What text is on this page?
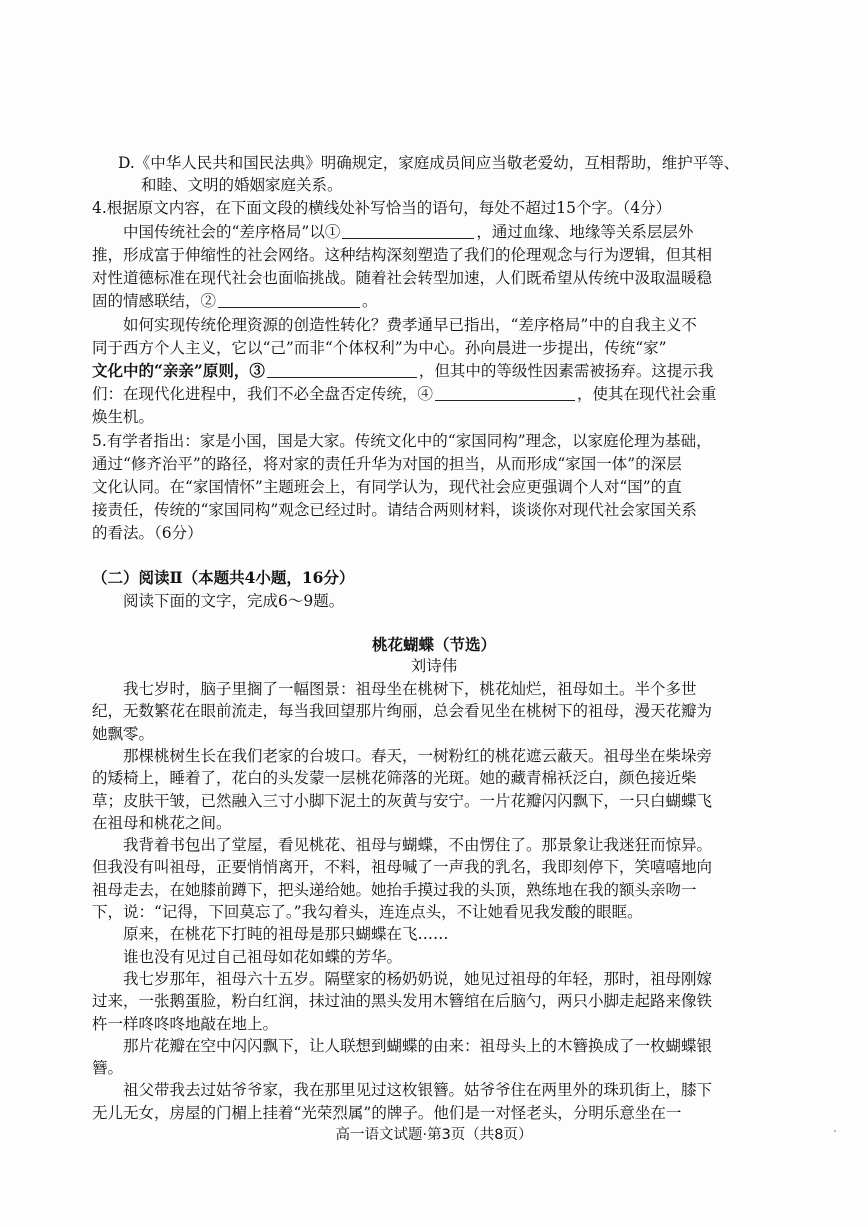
D.《中华人民共和国民法典》明确规定，家庭成员间应当敬老爱幼，互相帮助，维护平等、
和睦、文明的婚姻家庭关系。
4.根据原文内容，在下面文段的横线处补写恰当的语句，每处不超过15个字。（4分）
中国传统社会的“差序格局”以①	，通过血缘、地缘等关系层层外
推，形成富于伸缩性的社会网络。这种结构深刻塑造了我们的伦理观念与行为逻辑，但其相
对性道德标准在现代社会也面临挑战。随着社会转型加速，人们既希望从传统中汲取温暖稳
固的情感联结，②	。
如何实现传统伦理资源的创造性转化？费孝通早已指出，“差序格局”中的自我主义不
同于西方个人主义，它以“己”而非“个体权利”为中心。孙向晨进一步提出，传统“家”
文化中的“亲亲”原则，③	，但其中的等级性因素需被扬弃。这提示我
们：在现代化进程中，我们不必全盘否定传统，④	，使其在现代社会重
焕生机。
5.有学者指出：家是小国，国是大家。传统文化中的“家国同构”理念，以家庭伦理为基础，
通过“修齐治平”的路径，将对家的责任升华为对国的担当，从而形成“家国一体”的深层
文化认同。在“家国情怀”主题班会上，有同学认为，现代社会应更强调个人对“国”的直
接责任，传统的“家国同构”观念已经过时。请结合两则材料，谈谈你对现代社会家国关系
的看法。（6分）
（二）阅读Ⅱ（本题共4小题，16分）
阅读下面的文字，完成6～9题。
桃花蝴蝶（节选）
刘诗伟
我七岁时，脑子里搁了一幅图景：祖母坐在桃树下，桃花灿烂，祖母如土。半个多世
纪，无数繁花在眼前流走，每当我回望那片绚丽，总会看见坐在桃树下的祖母，漫天花瓣为
她飘零。
那棵桃树生长在我们老家的台坡口。春天，一树粉红的桃花遮云蔽天。祖母坐在柴垛旁
的矮椅上，睡着了，花白的头发蒙一层桃花筛落的光斑。她的藏青棉袄泛白，颜色接近柴
草；皮肤干皱，已然融入三寸小脚下泥土的灰黄与安宁。一片花瓣闪闪飘下，一只白蝴蝶飞
在祖母和桃花之间。
我背着书包出了堂屋，看见桃花、祖母与蝴蝶，不由愣住了。那景象让我迷狂而惊异。
但我没有叫祖母，正要悄悄离开，不料，祖母喊了一声我的乳名，我即刻停下，笑嘻嘻地向
祖母走去，在她膝前蹲下，把头递给她。她抬手摸过我的头顶，熟练地在我的额头亲吻一
下，说：“记得，下回莫忘了。”我勾着头，连连点头，不让她看见我发酸的眼眶。
原来，在桃花下打盹的祖母是那只蝴蝶在飞……
谁也没有见过自己祖母如花如蝶的芳华。
我七岁那年，祖母六十五岁。隔壁家的杨奶奶说，她见过祖母的年轻，那时，祖母刚嫁
过来，一张鹅蛋脸，粉白红润，抹过油的黑头发用木簪绾在后脑勺，两只小脚走起路来像铁
杵一样咚咚咚地敲在地上。
那片花瓣在空中闪闪飘下，让人联想到蝴蝶的由来：祖母头上的木簪换成了一枚蝴蝶银
簪。
祖父带我去过姑爷爷家，我在那里见过这枚银簪。姑爷爷住在两里外的珠玑街上，膝下
无儿无女，房屋的门楣上挂着“光荣烈属”的牌子。他们是一对怪老头，分明乐意坐在一
高一语文试题·第3页（共8页）
